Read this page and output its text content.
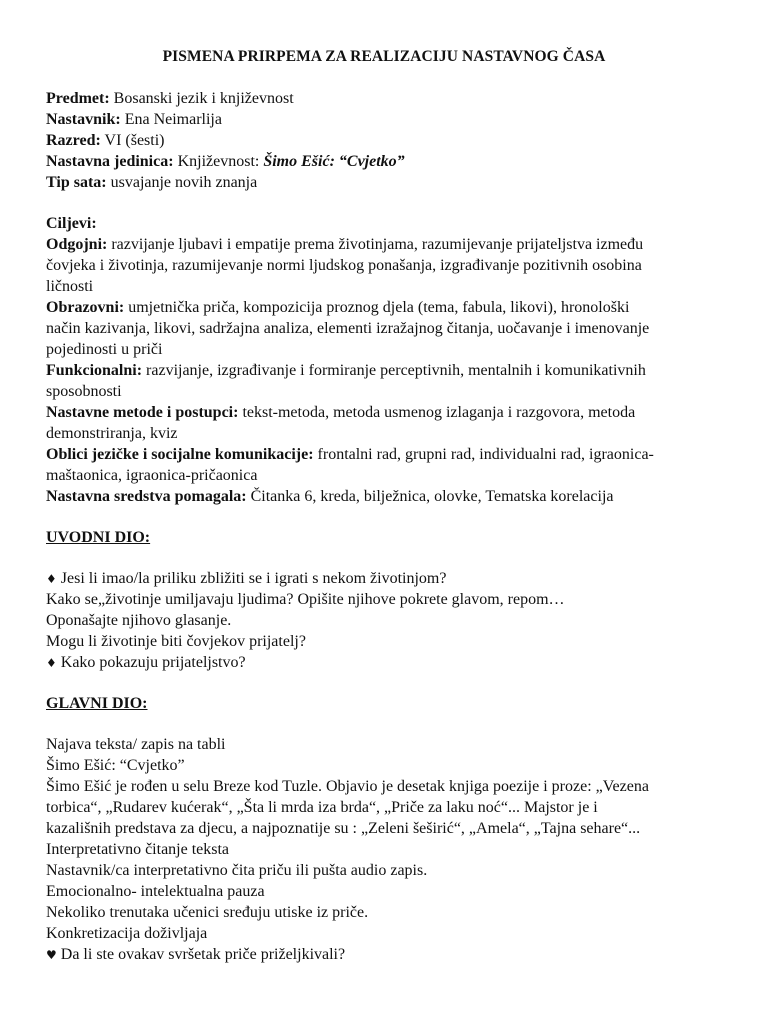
PISMENA PRIRPEMA ZA REALIZACIJU NASTAVNOG ČASA
Predmet: Bosanski jezik i književnost
Nastavnik: Ena Neimarlija
Razred: VI (šesti)
Nastavna jedinica: Književnost: Šimo Ešić: “Cvjetko”
Tip sata: usvajanje novih znanja
Ciljevi:
Odgojni: razvijanje ljubavi i empatije prema životinjama, razumijevanje prijateljstva između
čovjeka i životinja, razumijevanje normi ljudskog ponašanja, izgrađivanje pozitivnih osobina
ličnosti
Obrazovni: umjetnička priča, kompozicija proznog djela (tema, fabula, likovi), hronološki
način kazivanja, likovi, sadržajna analiza, elementi izražajnog čitanja, uočavanje i imenovanje
pojedinosti u priči
Funkcionalni: razvijanje, izgrađivanje i formiranje perceptivnih, mentalnih i komunikativnih
sposobnosti
Nastavne metode i postupci: tekst-metoda, metoda usmenog izlaganja i razgovora, metoda
demonstriranja, kviz
Oblici jezičke i socijalne komunikacije: frontalni rad, grupni rad, individualni rad, igraonica-
maštaonica, igraonica-pričaonica
Nastavna sredstva pomagala: Čitanka 6, kreda, bilježnica, olovke, Tematska korelacija
UVODNI DIO:
♦ Jesi li imao/la priliku zbližiti se i igrati s nekom životinjom?
Kako se„životinje umiljavaju ljudima? Opišite njihove pokrete glavom, repom…
Oponašajte njihovo glasanje.
Mogu li životinje biti čovjekov prijatelj?
♦ Kako pokazuju prijateljstvo?
GLAVNI DIO:
Najava teksta/ zapis na tabli
Šimo Ešić: “Cvjetko”
Šimo Ešić je rođen u selu Breze kod Tuzle. Objavio je desetak knjiga poezije i proze: „Vezena
torbica“, „Rudarev kućerak“, „Šta li mrda iza brda“, „Priče za laku noć“... Majstor je i
kazališnih predstava za djecu, a najpoznatije su : „Zeleni šeširić“, „Amela“, „Tajna sehare“...
Interpretativno čitanje teksta
Nastavnik/ca interpretativno čita priču ili pušta audio zapis.
Emocionalno- intelektualna pauza
Nekoliko trenutaka učenici sređuju utiske iz priče.
Konkretizacija doživljaja
♥ Da li ste ovakav svršetak priče priželjkivali?
